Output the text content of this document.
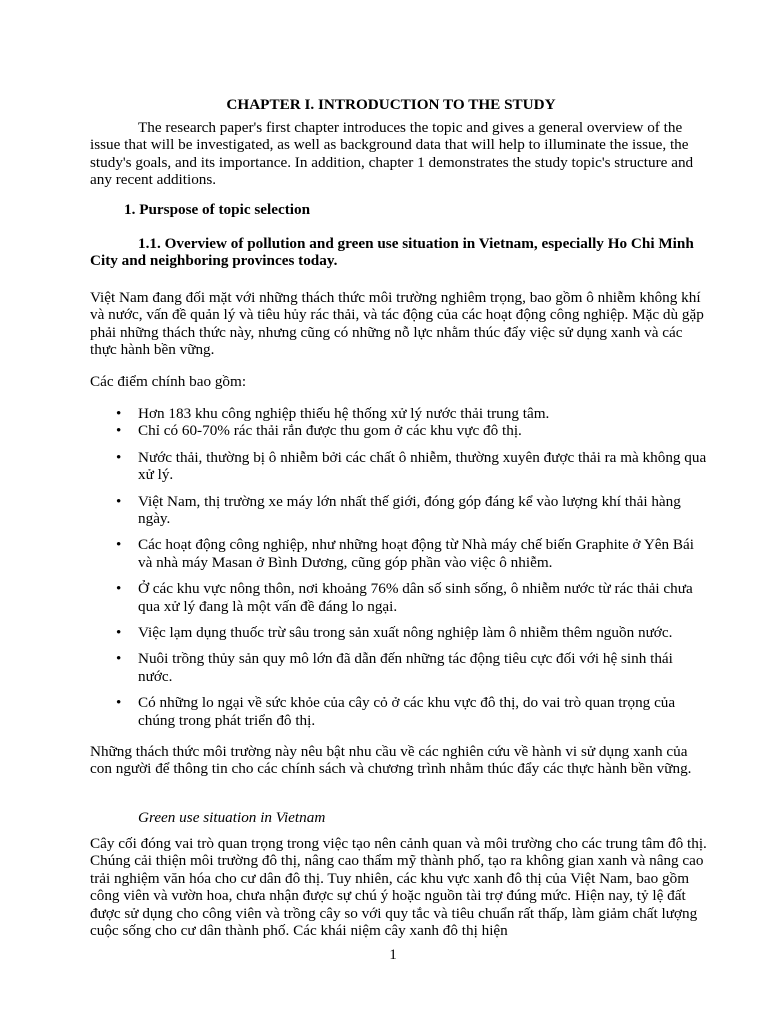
CHAPTER I. INTRODUCTION TO THE STUDY

The research paper's first chapter introduces the topic and gives a general overview of the issue that will be investigated, as well as background data that will help to illuminate the issue, the study's goals, and its importance. In addition, chapter 1 demonstrates the study topic's structure and any recent additions.

1. Purspose of topic selection

1.1. Overview of pollution and green use situation in Vietnam, especially Ho Chi Minh City and neighboring provinces today.

Việt Nam đang đối mặt với những thách thức môi trường nghiêm trọng, bao gồm ô nhiễm không khí và nước, vấn đề quản lý và tiêu hủy rác thải, và tác động của các hoạt động công nghiệp. Mặc dù gặp phải những thách thức này, nhưng cũng có những nỗ lực nhằm thúc đẩy việc sử dụng xanh và các thực hành bền vững.

Các điểm chính bao gồm:

•	Hơn 183 khu công nghiệp thiếu hệ thống xử lý nước thải trung tâm.
•	Chỉ có 60-70% rác thải rắn được thu gom ở các khu vực đô thị.
•	Nước thải, thường bị ô nhiễm bởi các chất ô nhiễm, thường xuyên được thải ra mà không qua xử lý.
•	Việt Nam, thị trường xe máy lớn nhất thế giới, đóng góp đáng kể vào lượng khí thải hàng ngày.
•	Các hoạt động công nghiệp, như những hoạt động từ Nhà máy chế biến Graphite ở Yên Bái và nhà máy Masan ở Bình Dương, cũng góp phần vào việc ô nhiễm.
•	Ở các khu vực nông thôn, nơi khoảng 76% dân số sinh sống, ô nhiễm nước từ rác thải chưa qua xử lý đang là một vấn đề đáng lo ngại.
•	Việc lạm dụng thuốc trừ sâu trong sản xuất nông nghiệp làm ô nhiễm thêm nguồn nước.
•	Nuôi trồng thủy sản quy mô lớn đã dẫn đến những tác động tiêu cực đối với hệ sinh thái nước.
•	Có những lo ngại về sức khỏe của cây cỏ ở các khu vực đô thị, do vai trò quan trọng của chúng trong phát triển đô thị.

Những thách thức môi trường này nêu bật nhu cầu về các nghiên cứu về hành vi sử dụng xanh của con người để thông tin cho các chính sách và chương trình nhằm thúc đẩy các thực hành bền vững.

Green use situation in Vietnam

Cây cối đóng vai trò quan trọng trong việc tạo nên cảnh quan và môi trường cho các trung tâm đô thị. Chúng cải thiện môi trường đô thị, nâng cao thẩm mỹ thành phố, tạo ra không gian xanh và nâng cao trải nghiệm văn hóa cho cư dân đô thị. Tuy nhiên, các khu vực xanh đô thị của Việt Nam, bao gồm công viên và vườn hoa, chưa nhận được sự chú ý hoặc nguồn tài trợ đúng mức. Hiện nay, tỷ lệ đất được sử dụng cho công viên và trồng cây so với quy tắc và tiêu chuẩn rất thấp, làm giảm chất lượng cuộc sống cho cư dân thành phố. Các khái niệm cây xanh đô thị hiện

1
